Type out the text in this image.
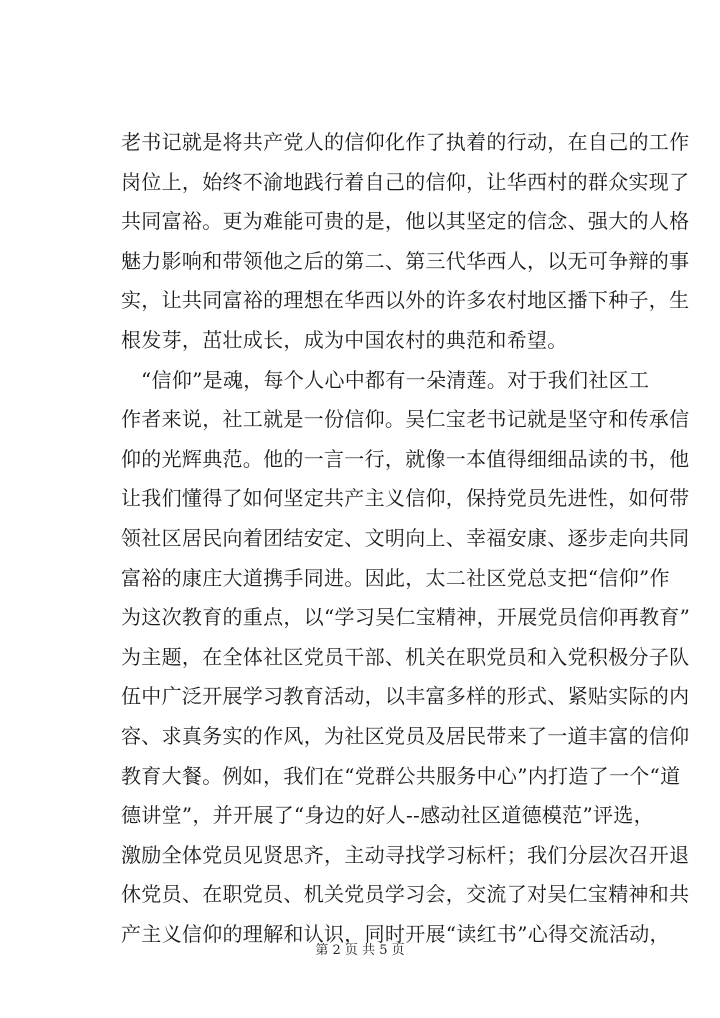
老书记就是将共产党人的信仰化作了执着的行动，在自己的工作
岗位上，始终不渝地践行着自己的信仰，让华西村的群众实现了
共同富裕。更为难能可贵的是，他以其坚定的信念、强大的人格
魅力影响和带领他之后的第二、第三代华西人，以无可争辩的事
实，让共同富裕的理想在华西以外的许多农村地区播下种子，生
根发芽，茁壮成长，成为中国农村的典范和希望。
“信仰”是魂，每个人心中都有一朵清莲。对于我们社区工
作者来说，社工就是一份信仰。吴仁宝老书记就是坚守和传承信
仰的光辉典范。他的一言一行，就像一本值得细细品读的书，他
让我们懂得了如何坚定共产主义信仰，保持党员先进性，如何带
领社区居民向着团结安定、文明向上、幸福安康、逐步走向共同
富裕的康庄大道携手同进。因此，太二社区党总支把“信仰”作
为这次教育的重点，以“学习吴仁宝精神，开展党员信仰再教育”
为主题，在全体社区党员干部、机关在职党员和入党积极分子队
伍中广泛开展学习教育活动，以丰富多样的形式、紧贴实际的内
容、求真务实的作风，为社区党员及居民带来了一道丰富的信仰
教育大餐。例如，我们在“党群公共服务中心”内打造了一个“道
德讲堂”，并开展了“身边的好人--感动社区道德模范”评选，
激励全体党员见贤思齐，主动寻找学习标杆；我们分层次召开退
休党员、在职党员、机关党员学习会，交流了对吴仁宝精神和共
产主义信仰的理解和认识，同时开展“读红书”心得交流活动，
第 2 页 共 5 页
